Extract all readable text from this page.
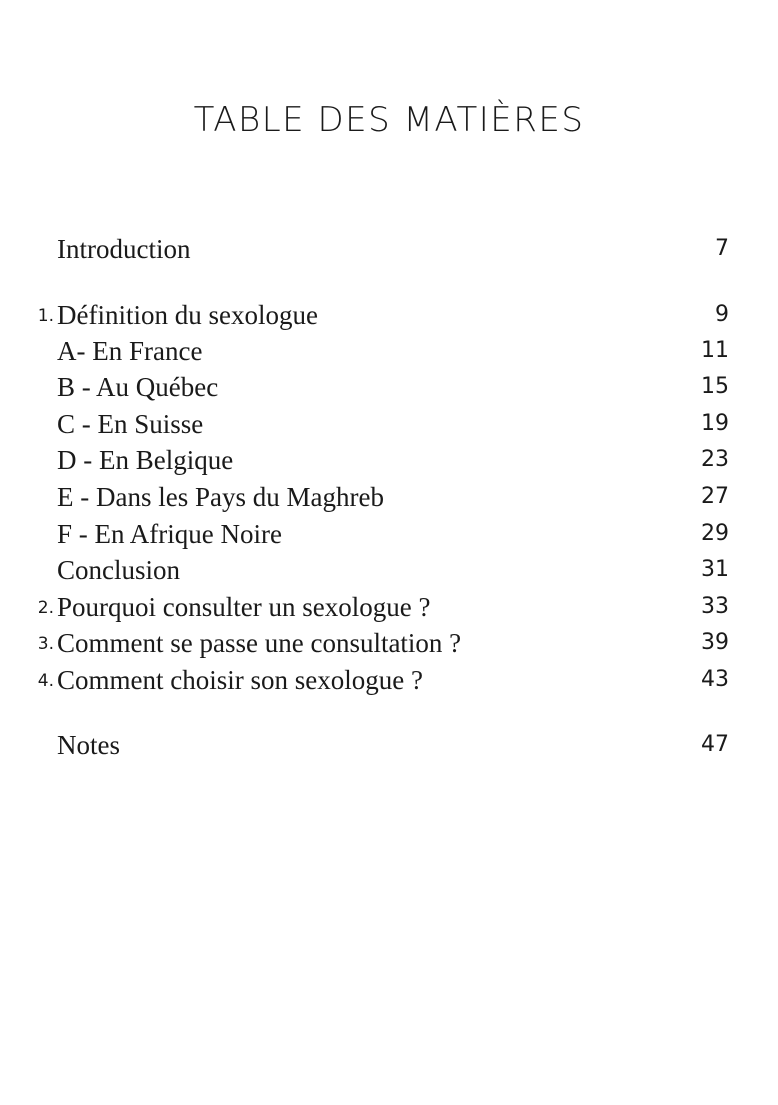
TABLE DES MATIÈRES
Introduction	7
1. Définition du sexologue	9
A- En France	11
B - Au Québec	15
C - En Suisse	19
D - En Belgique	23
E - Dans les Pays du Maghreb	27
F - En Afrique Noire	29
Conclusion	31
2. Pourquoi consulter un sexologue ?	33
3. Comment se passe une consultation ?	39
4. Comment choisir son sexologue ?	43
Notes	47
